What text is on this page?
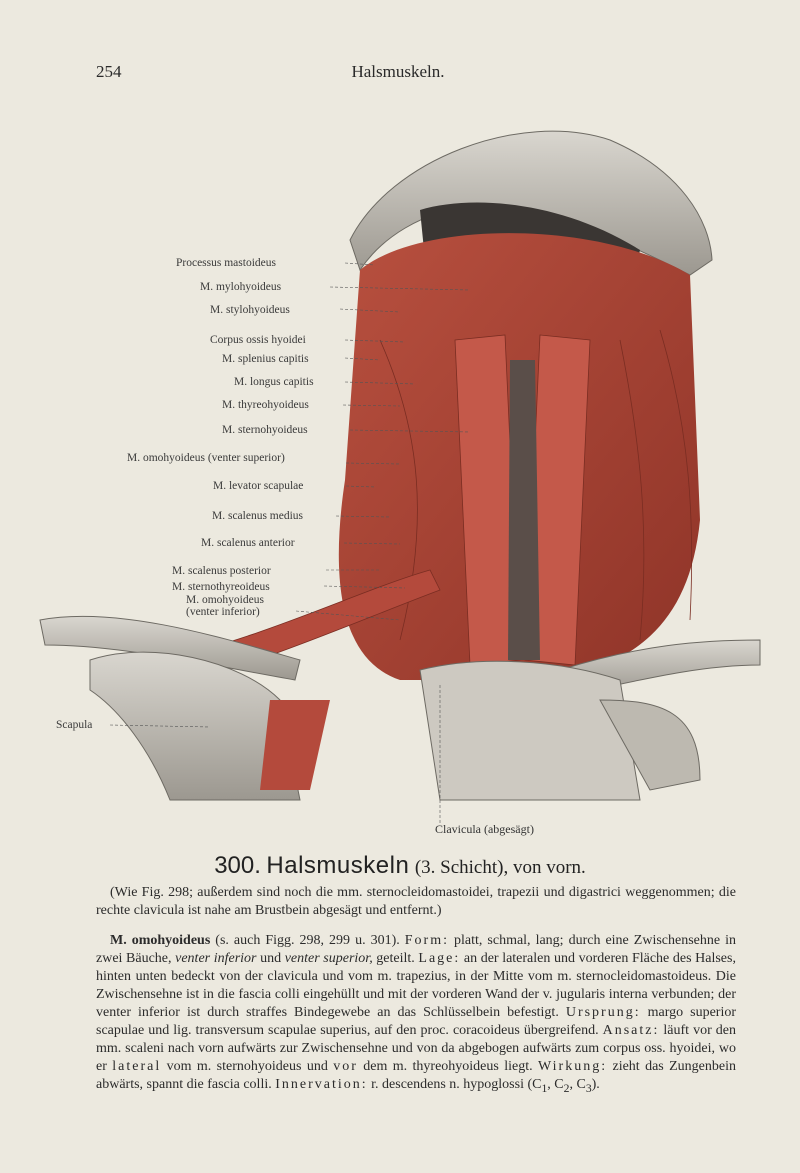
254	Halsmuskeln.
Processus mastoideus
M. mylohyoideus
M. stylohyoideus
Corpus ossis hyoidei
M. splenius capitis
M. longus capitis
M. thyreohyoideus
M. sternohyoideus
M. omohyoideus (venter superior)
M. levator scapulae
M. scalenus medius
M. scalenus anterior
M. scalenus posterior
M. sternothyreoideus
M. omohyoideus
(venter inferior)
Scapula
Clavicula (abgesägt)
300. Halsmuskeln (3. Schicht), von vorn.

(Wie Fig. 298; außerdem sind noch die mm. sternocleidomastoidei, trapezii und digastrici weggenommen; die rechte clavicula ist nahe am Brustbein abgesägt und entfernt.)

M. omohyoideus (s. auch Figg. 298, 299 u. 301). Form: platt, schmal, lang; durch eine Zwischensehne in zwei Bäuche, venter inferior und venter superior, geteilt. Lage: an der lateralen und vorderen Fläche des Halses, hinten unten bedeckt von der clavicula und vom m. trapezius, in der Mitte vom m. sternocleidomastoideus. Die Zwischensehne ist in die fascia colli eingehüllt und mit der vorderen Wand der v. jugularis interna verbunden; der venter inferior ist durch straffes Bindegewebe an das Schlüsselbein befestigt. Ursprung: margo superior scapulae und lig. transversum scapulae superius, auf den proc. coracoideus übergreifend. Ansatz: läuft vor den mm. scaleni nach vorn aufwärts zur Zwischensehne und von da abgebogen aufwärts zum corpus oss. hyoidei, wo er lateral vom m. sternohyoideus und vor dem m. thyreohyoideus liegt. Wirkung: zieht das Zungenbein abwärts, spannt die fascia colli. Innervation: r. descendens n. hypoglossi ($C_1$, $C_2$, $C_3$).
